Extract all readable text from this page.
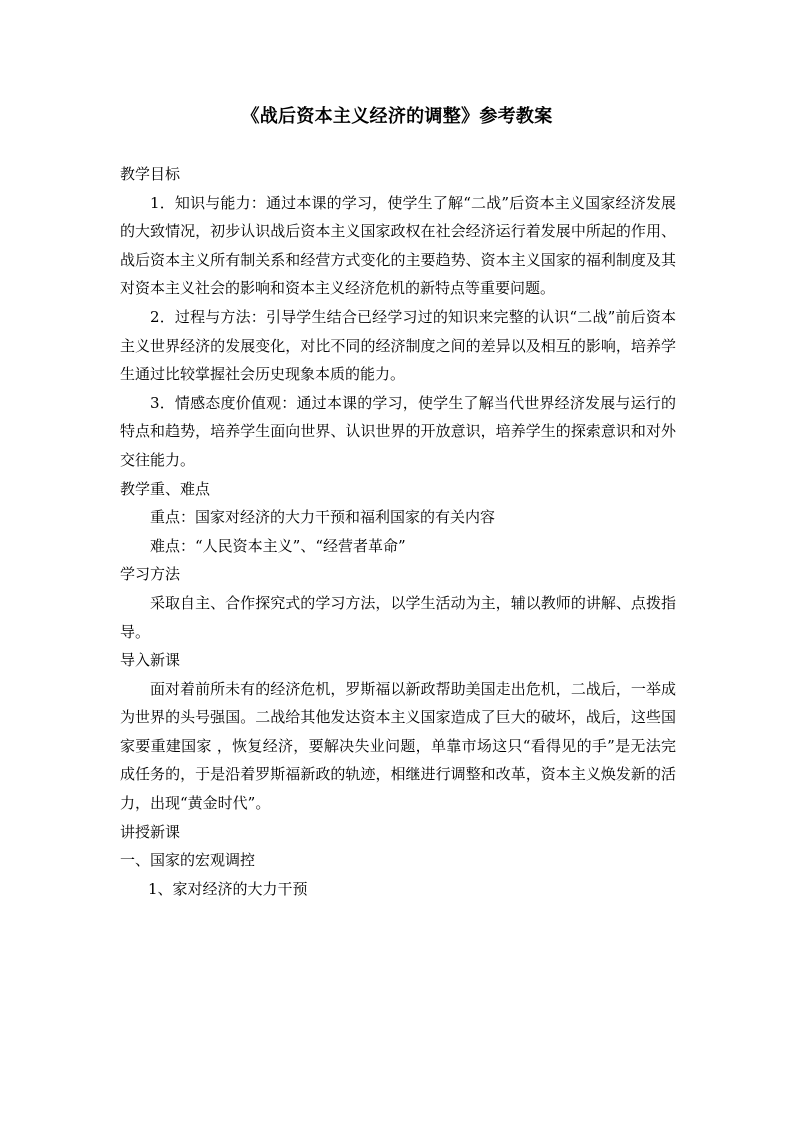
《战后资本主义经济的调整》参考教案

教学目标

1．知识与能力：通过本课的学习，使学生了解“二战”后资本主义国家经济发展的大致情况，初步认识战后资本主义国家政权在社会经济运行着发展中所起的作用、战后资本主义所有制关系和经营方式变化的主要趋势、资本主义国家的福利制度及其对资本主义社会的影响和资本主义经济危机的新特点等重要问题。

2．过程与方法：引导学生结合已经学习过的知识来完整的认识“二战”前后资本主义世界经济的发展变化，对比不同的经济制度之间的差异以及相互的影响，培养学生通过比较掌握社会历史现象本质的能力。

3．情感态度价值观：通过本课的学习，使学生了解当代世界经济发展与运行的特点和趋势，培养学生面向世界、认识世界的开放意识，培养学生的探索意识和对外交往能力。

教学重、难点

重点：国家对经济的大力干预和福利国家的有关内容

难点：“人民资本主义”、“经营者革命”

学习方法

采取自主、合作探究式的学习方法，以学生活动为主，辅以教师的讲解、点拨指导。

导入新课

面对着前所未有的经济危机，罗斯福以新政帮助美国走出危机，二战后，一举成为世界的头号强国。二战给其他发达资本主义国家造成了巨大的破坏，战后，这些国家要重建国家 ，恢复经济，要解决失业问题，单靠市场这只“看得见的手”是无法完成任务的，于是沿着罗斯福新政的轨迹，相继进行调整和改革，资本主义焕发新的活力，出现“黄金时代”。

讲授新课

一、国家的宏观调控

1、家对经济的大力干预
